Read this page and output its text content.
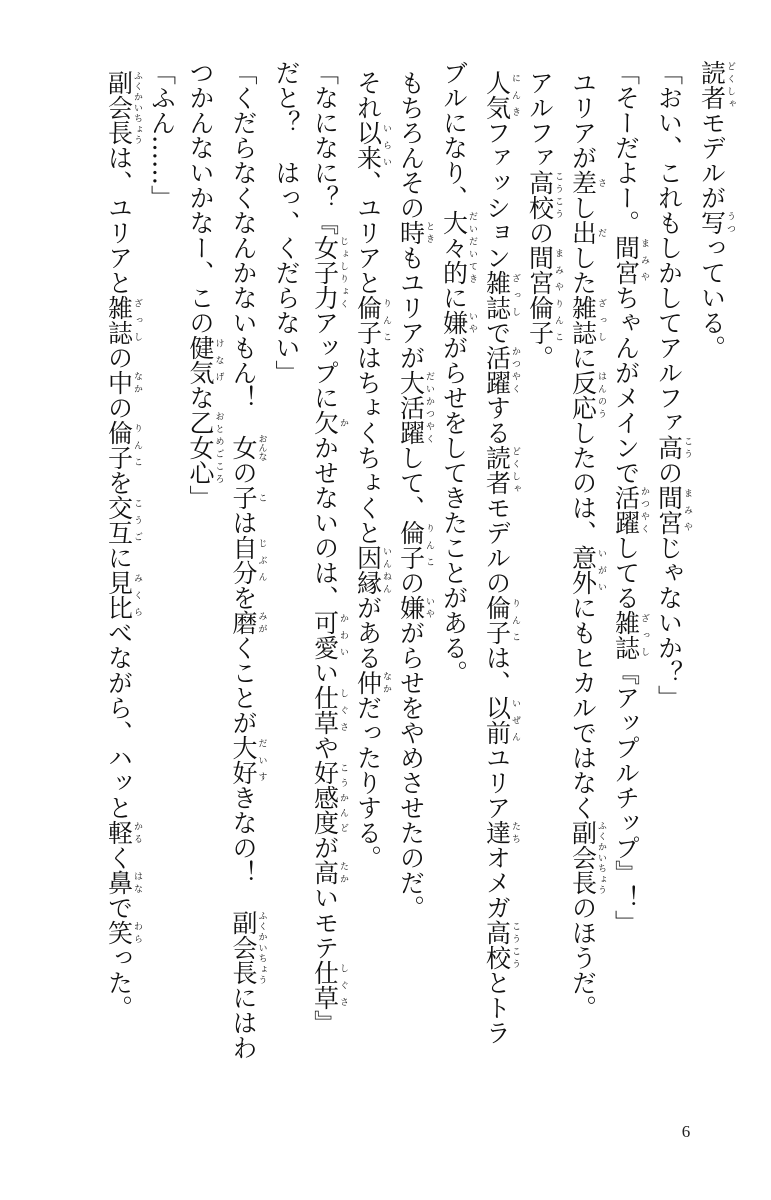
読者どくしゃモデルが写うつっている。
「おい、これもしかしてアルファ高こうの間宮まみやじゃないか？」
「そーだよー。間宮まみやちゃんがメインで活躍かつやくしてる雑誌ざっし『アップルチップ』！」
ユリアが差さし出だした雑誌ざっしに反応はんのうしたのは、意外いがいにもヒカルではなく副会長ふくかいちょうのほうだ。
アルファ高校こうこうの間宮倫子まみやりんこ。
人気にんきファッション雑誌ざっしで活躍かつやくする読者どくしゃモデルの倫子りんこは、以前いぜんユリア達たちオメガ高校こうこうとトラ
ブルになり、大々的だいだいてきに嫌いやがらせをしてきたことがある。
もちろんその時ときもユリアが大活躍だいかつやくして、倫子りんこの嫌いやがらせをやめさせたのだ。
それ以来いらい、ユリアと倫子りんこはちょくちょくと因縁いんねんがある仲なかだったりする。
「なになに？『女子力じょしりょくアップに欠かかせないのは、可愛かわいい仕草しぐさや好感度こうかんどが高たかいモテ仕草しぐさ』
だと？　はっ、くだらない」
「くだらなくなんかないもん！　女おんなの子こは自分じぶんを磨みがくことが大好だいすきなの！　副会長ふくかいちょうにはわ
つかんないかなー、この健気けなげな乙女心おとめごころ」
「ふん……」
副会長ふくかいちょうは、ユリアと雑誌ざっしの中なかの倫子りんこを交互こうごに見比みくらべながら、ハッと軽かるく鼻はなで笑わらった。
6
